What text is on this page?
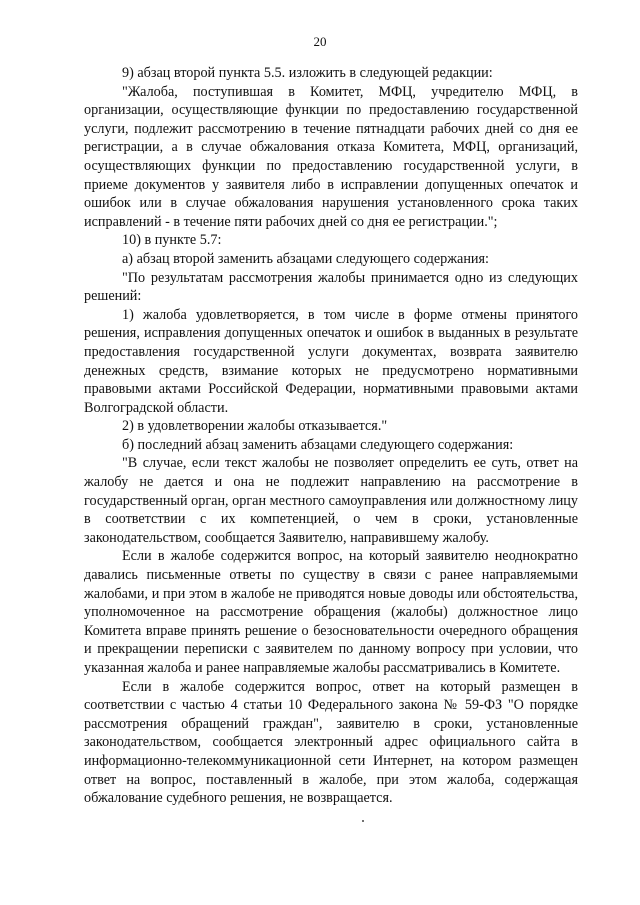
20

9) абзац второй пункта 5.5. изложить в следующей редакции:

"Жалоба, поступившая в Комитет, МФЦ, учредителю МФЦ, в организации, осуществляющие функции по предоставлению государственной услуги, подлежит рассмотрению в течение пятнадцати рабочих дней со дня ее регистрации, а в случае обжалования отказа Комитета, МФЦ, организаций, осуществляющих функции по предоставлению государственной услуги, в приеме документов у заявителя либо в исправлении допущенных опечаток и ошибок или в случае обжалования нарушения установленного срока таких исправлений - в течение пяти рабочих дней со дня ее регистрации.";

10) в пункте 5.7:

а) абзац второй заменить абзацами следующего содержания:

"По результатам рассмотрения жалобы принимается одно из следующих решений:

1) жалоба удовлетворяется, в том числе в форме отмены принятого решения, исправления допущенных опечаток и ошибок в выданных в результате предоставления государственной услуги документах, возврата заявителю денежных средств, взимание которых не предусмотрено нормативными правовыми актами Российской Федерации, нормативными правовыми актами Волгоградской области.

2) в удовлетворении жалобы отказывается."

б) последний абзац заменить абзацами следующего содержания:

"В случае, если текст жалобы не позволяет определить ее суть, ответ на жалобу не дается и она не подлежит направлению на рассмотрение в государственный орган, орган местного самоуправления или должностному лицу в соответствии с их компетенцией, о чем в сроки, установленные законодательством, сообщается Заявителю, направившему жалобу.

Если в жалобе содержится вопрос, на который заявителю неоднократно давались письменные ответы по существу в связи с ранее направляемыми жалобами, и при этом в жалобе не приводятся новые доводы или обстоятельства, уполномоченное на рассмотрение обращения (жалобы) должностное лицо Комитета вправе принять решение о безосновательности очередного обращения и прекращении переписки с заявителем по данному вопросу при условии, что указанная жалоба и ранее направляемые жалобы рассматривались в Комитете.

Если в жалобе содержится вопрос, ответ на который размещен в соответствии с частью 4 статьи 10 Федерального закона № 59-ФЗ "О порядке рассмотрения обращений граждан", заявителю в сроки, установленные законодательством, сообщается электронный адрес официального сайта в информационно-телекоммуникационной сети Интернет, на котором размещен ответ на вопрос, поставленный в жалобе, при этом жалоба, содержащая обжалование судебного решения, не возвращается.
